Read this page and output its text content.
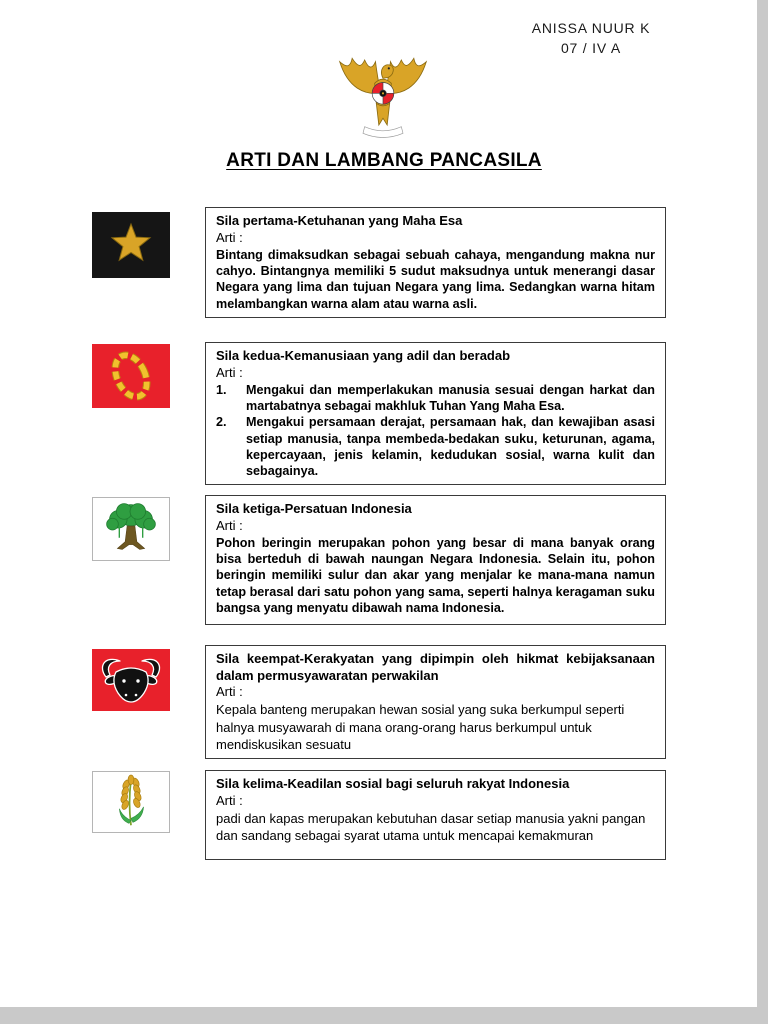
ANISSA NUUR K
07 / IV A
ARTI DAN LAMBANG PANCASILA
Sila pertama-Ketuhanan yang Maha Esa
Arti :
Bintang dimaksudkan sebagai sebuah cahaya, mengandung makna nur cahyo. Bintangnya memiliki 5 sudut maksudnya untuk menerangi dasar Negara yang lima dan tujuan Negara yang lima. Sedangkan warna hitam melambangkan warna alam atau warna asli.
Sila kedua-Kemanusiaan yang adil dan beradab
Arti :
1.	Mengakui dan memperlakukan manusia sesuai dengan harkat dan martabatnya sebagai makhluk Tuhan Yang Maha Esa.
2.	Mengakui persamaan derajat, persamaan hak, dan kewajiban asasi setiap manusia, tanpa membeda-bedakan suku, keturunan, agama, kepercayaan, jenis kelamin, kedudukan sosial, warna kulit dan sebagainya.
Sila ketiga-Persatuan Indonesia
Arti :
Pohon beringin merupakan pohon yang besar di mana banyak orang bisa berteduh di bawah naungan Negara Indonesia. Selain itu, pohon beringin memiliki sulur dan akar yang menjalar ke mana-mana namun tetap berasal dari satu pohon yang sama, seperti halnya keragaman suku bangsa yang menyatu dibawah nama Indonesia.
Sila keempat-Kerakyatan yang dipimpin oleh hikmat kebijaksanaan dalam permusyawaratan perwakilan
Arti :
Kepala banteng merupakan hewan sosial yang suka berkumpul seperti halnya musyawarah di mana orang-orang harus berkumpul untuk mendiskusikan sesuatu
Sila kelima-Keadilan sosial bagi seluruh rakyat Indonesia
Arti :
padi dan kapas merupakan kebutuhan dasar setiap manusia yakni pangan dan sandang sebagai syarat utama untuk mencapai kemakmuran
